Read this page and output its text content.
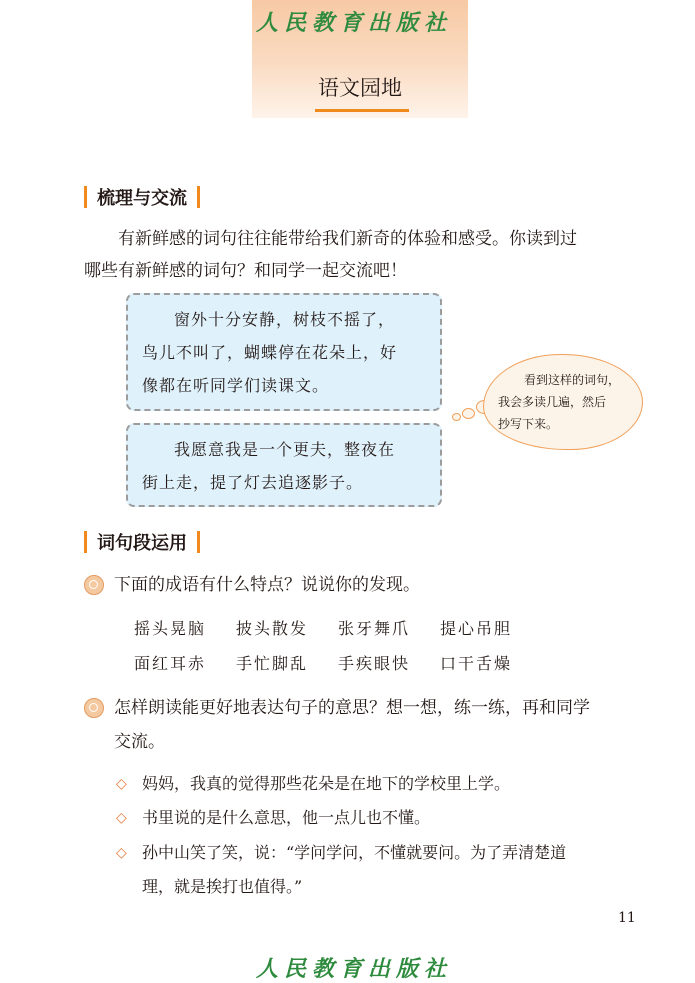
人民教育出版社
语文园地
梳理与交流

有新鲜感的词句往往能带给我们新奇的体验和感受。你读到过

哪些有新鲜感的词句？和同学一起交流吧！

窗外十分安静，树枝不摇了，
鸟儿不叫了，蝴蝶停在花朵上，好
像都在听同学们读课文。
我愿意我是一个更夫，整夜在
街上走，提了灯去追逐影子。
看到这样的词句，
我会多读几遍，然后
抄写下来。
词句段运用
下面的成语有什么特点？说说你的发现。
摇头晃脑 披头散发 张牙舞爪 提心吊胆
面红耳赤 手忙脚乱 手疾眼快 口干舌燥
怎样朗读能更好地表达句子的意思？想一想，练一练，再和同学
交流。
◇ 妈妈，我真的觉得那些花朵是在地下的学校里上学。
◇ 书里说的是什么意思，他一点儿也不懂。
◇ 孙中山笑了笑，说：“学问学问，不懂就要问。为了弄清楚道
理，就是挨打也值得。”
11
人民教育出版社
